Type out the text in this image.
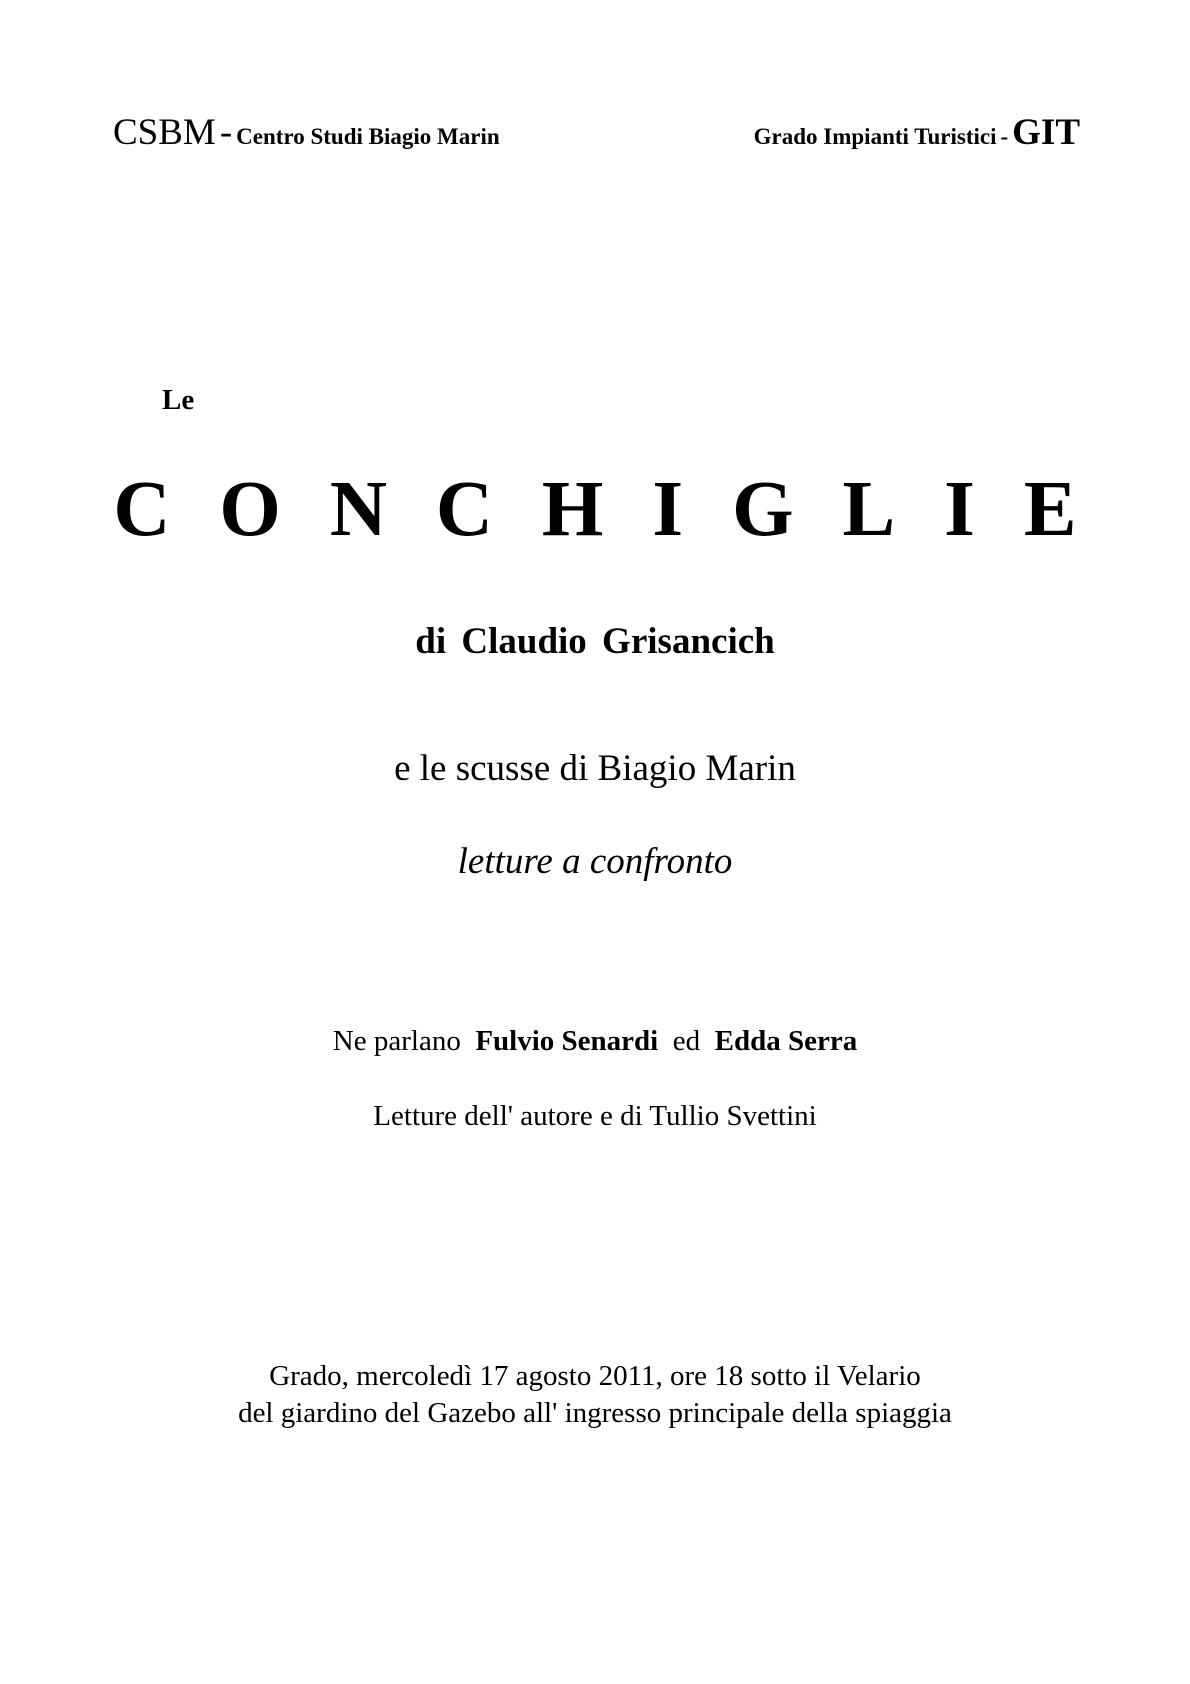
CSBM - Centro Studi Biagio Marin	Grado Impianti Turistici - GIT
Le
CONCHIGLIE
di Claudio Grisancich
e le scusse di Biagio Marin
letture a confronto
Ne parlano Fulvio Senardi ed Edda Serra
Letture dell' autore e di Tullio Svettini
Grado, mercoledì 17 agosto 2011, ore 18 sotto il Velario
del giardino del Gazebo all' ingresso principale della spiaggia
